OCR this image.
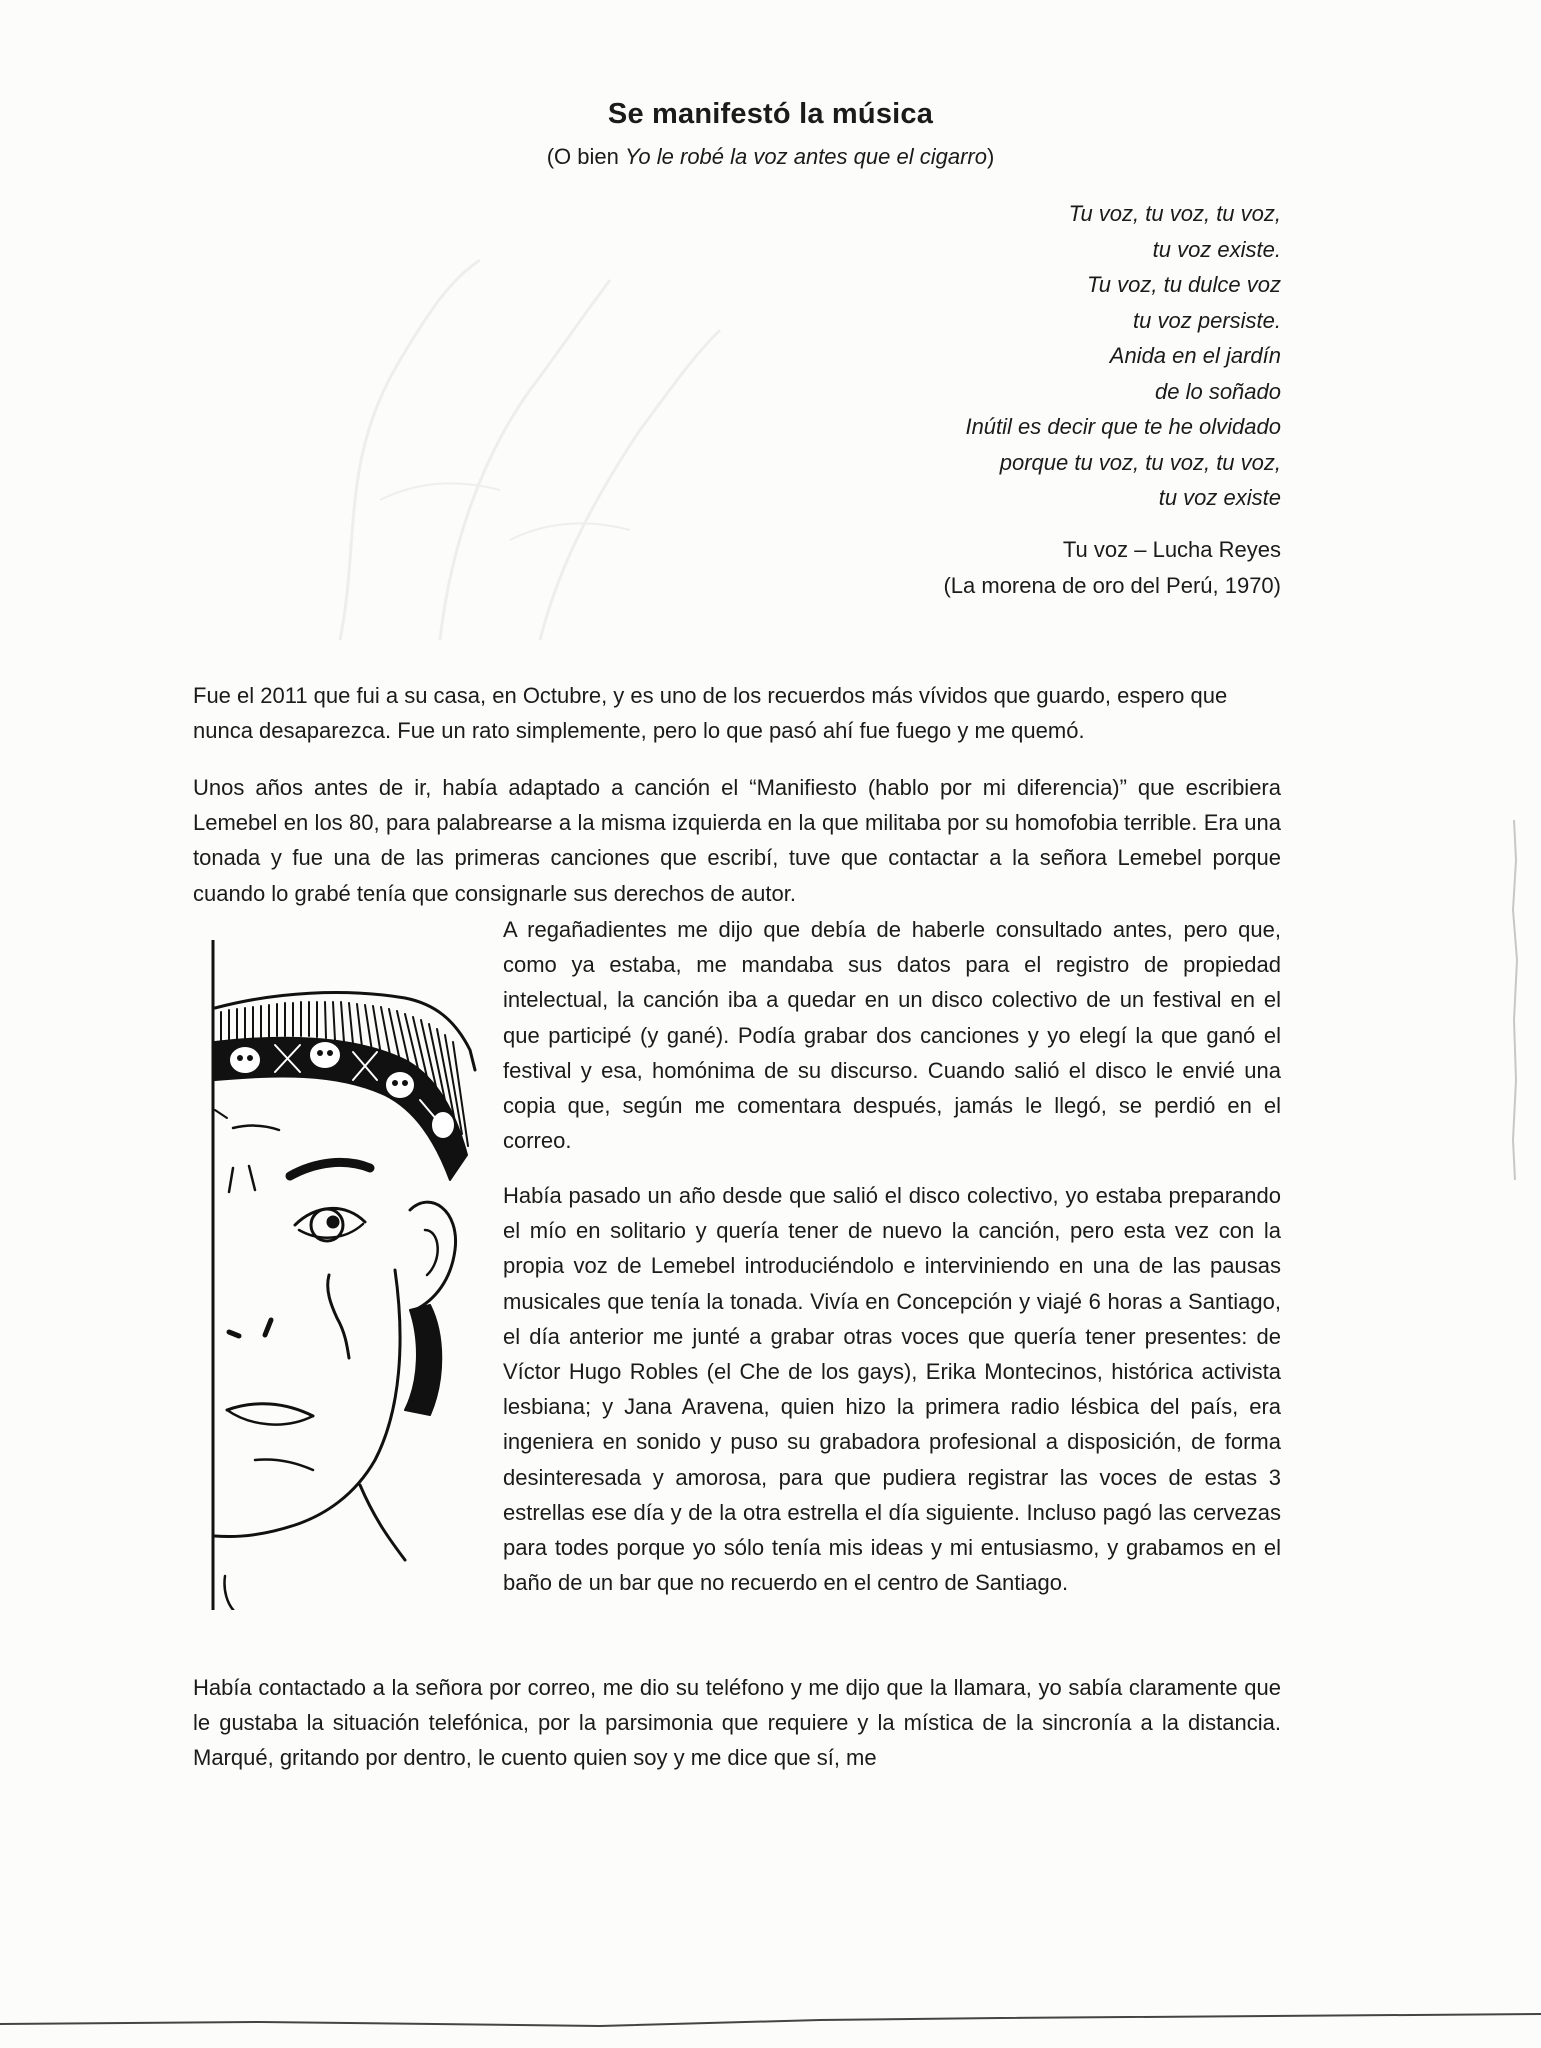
Se manifestó la música

(O bien Yo le robé la voz antes que el cigarro)

Tu voz, tu voz, tu voz,
tu voz existe.
Tu voz, tu dulce voz
tu voz persiste.
Anida en el jardín
de lo soñado
Inútil es decir que te he olvidado
porque tu voz, tu voz, tu voz,
tu voz existe
Tu voz – Lucha Reyes
(La morena de oro del Perú, 1970)

Fue el 2011 que fui a su casa, en Octubre, y es uno de los recuerdos más vívidos que guardo, espero que nunca desaparezca. Fue un rato simplemente, pero lo que pasó ahí fue fuego y me quemó.

Unos años antes de ir, había adaptado a canción el “Manifiesto (hablo por mi diferencia)” que escribiera Lemebel en los 80, para palabrearse a la misma izquierda en la que militaba por su homofobia terrible. Era una tonada y fue una de las primeras canciones que escribí, tuve que contactar a la señora Lemebel porque cuando lo grabé tenía que consignarle sus derechos de autor.

A regañadientes me dijo que debía de haberle consultado antes, pero que, como ya estaba, me mandaba sus datos para el registro de propiedad intelectual, la canción iba a quedar en un disco colectivo de un festival en el que participé (y gané). Podía grabar dos canciones y yo elegí la que ganó el festival y esa, homónima de su discurso. Cuando salió el disco le envié una copia que, según me comentara después, jamás le llegó, se perdió en el correo.

Había pasado un año desde que salió el disco colectivo, yo estaba preparando el mío en solitario y quería tener de nuevo la canción, pero esta vez con la propia voz de Lemebel introduciéndolo e interviniendo en una de las pausas musicales que tenía la tonada. Vivía en Concepción y viajé 6 horas a Santiago, el día anterior me junté a grabar otras voces que quería tener presentes: de Víctor Hugo Robles (el Che de los gays), Erika Montecinos, histórica activista lesbiana; y Jana Aravena, quien hizo la primera radio lésbica del país, era ingeniera en sonido y puso su grabadora profesional a disposición, de forma desinteresada y amorosa, para que pudiera registrar las voces de estas 3 estrellas ese día y de la otra estrella el día siguiente. Incluso pagó las cervezas para todes porque yo sólo tenía mis ideas y mi entusiasmo, y grabamos en el baño de un bar que no recuerdo en el centro de Santiago.

Había contactado a la señora por correo, me dio su teléfono y me dijo que la llamara, yo sabía claramente que le gustaba la situación telefónica, por la parsimonia que requiere y la mística de la sincronía a la distancia. Marqué, gritando por dentro, le cuento quien soy y me dice que sí, me
